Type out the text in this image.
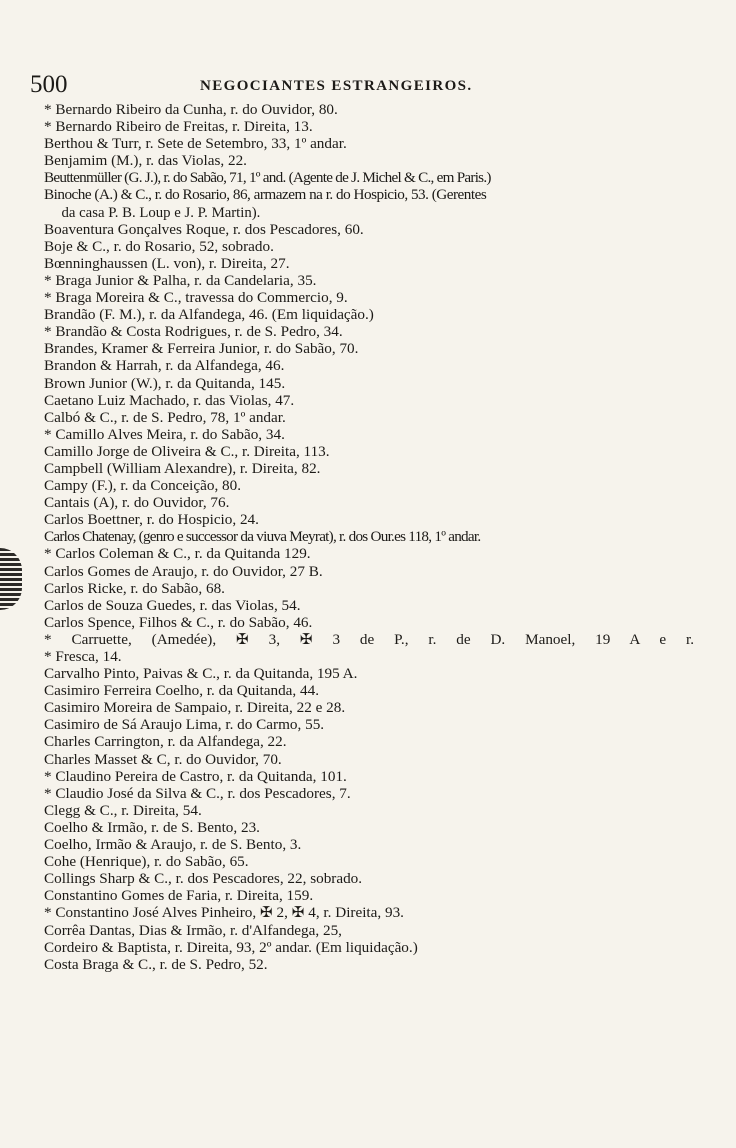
500	NEGOCIANTES ESTRANGEIROS.
* Bernardo Ribeiro da Cunha, r. do Ouvidor, 80.
* Bernardo Ribeiro de Freitas, r. Direita, 13.
Berthou & Turr, r. Sete de Setembro, 33, 1º andar.
Benjamim (M.), r. das Violas, 22.
Beuttenmüller (G. J.), r. do Sabão, 71, 1º and. (Agente de J. Michel & C., em Paris.)
Binoche (A.) & C., r. do Rosario, 86, armazem na r. do Hospicio, 53. (Gerentes
da casa P. B. Loup e J. P. Martin).
Boaventura Gonçalves Roque, r. dos Pescadores, 60.
Boje & C., r. do Rosario, 52, sobrado.
Bœnninghaussen (L. von), r. Direita, 27.
* Braga Junior & Palha, r. da Candelaria, 35.
* Braga Moreira & C., travessa do Commercio, 9.
Brandão (F. M.), r. da Alfandega, 46. (Em liquidação.)
* Brandão & Costa Rodrigues, r. de S. Pedro, 34.
Brandes, Kramer & Ferreira Junior, r. do Sabão, 70.
Brandon & Harrah, r. da Alfandega, 46.
Brown Junior (W.), r. da Quitanda, 145.
Caetano Luiz Machado, r. das Violas, 47.
Calbó & C., r. de S. Pedro, 78, 1º andar.
* Camillo Alves Meira, r. do Sabão, 34.
Camillo Jorge de Oliveira & C., r. Direita, 113.
Campbell (William Alexandre), r. Direita, 82.
Campy (F.), r. da Conceição, 80.
Cantais (A), r. do Ouvidor, 76.
Carlos Boettner, r. do Hospicio, 24.
Carlos Chatenay, (genro e successor da viuva Meyrat), r. dos Our.es 118, 1º andar.
* Carlos Coleman & C., r. da Quitanda 129.
Carlos Gomes de Araujo, r. do Ouvidor, 27 B.
Carlos Ricke, r. do Sabão, 68.
Carlos de Souza Guedes, r. das Violas, 54.
Carlos Spence, Filhos & C., r. do Sabão, 46.
* Carruette, (Amedée), ✠ 3, ✠ 3 de P., r. de D. Manoel, 19 A e r.
* Fresca, 14.
Carvalho Pinto, Paivas & C., r. da Quitanda, 195 A.
Casimiro Ferreira Coelho, r. da Quitanda, 44.
Casimiro Moreira de Sampaio, r. Direita, 22 e 28.
Casimiro de Sá Araujo Lima, r. do Carmo, 55.
Charles Carrington, r. da Alfandega, 22.
Charles Masset & C, r. do Ouvidor, 70.
* Claudino Pereira de Castro, r. da Quitanda, 101.
* Claudio José da Silva & C., r. dos Pescadores, 7.
Clegg & C., r. Direita, 54.
Coelho & Irmão, r. de S. Bento, 23.
Coelho, Irmão & Araujo, r. de S. Bento, 3.
Cohe (Henrique), r. do Sabão, 65.
Collings Sharp & C., r. dos Pescadores, 22, sobrado.
Constantino Gomes de Faria, r. Direita, 159.
* Constantino José Alves Pinheiro, ✠ 2, ✠ 4, r. Direita, 93.
Corrêa Dantas, Dias & Irmão, r. d'Alfandega, 25,
Cordeiro & Baptista, r. Direita, 93, 2º andar. (Em liquidação.)
Costa Braga & C., r. de S. Pedro, 52.
